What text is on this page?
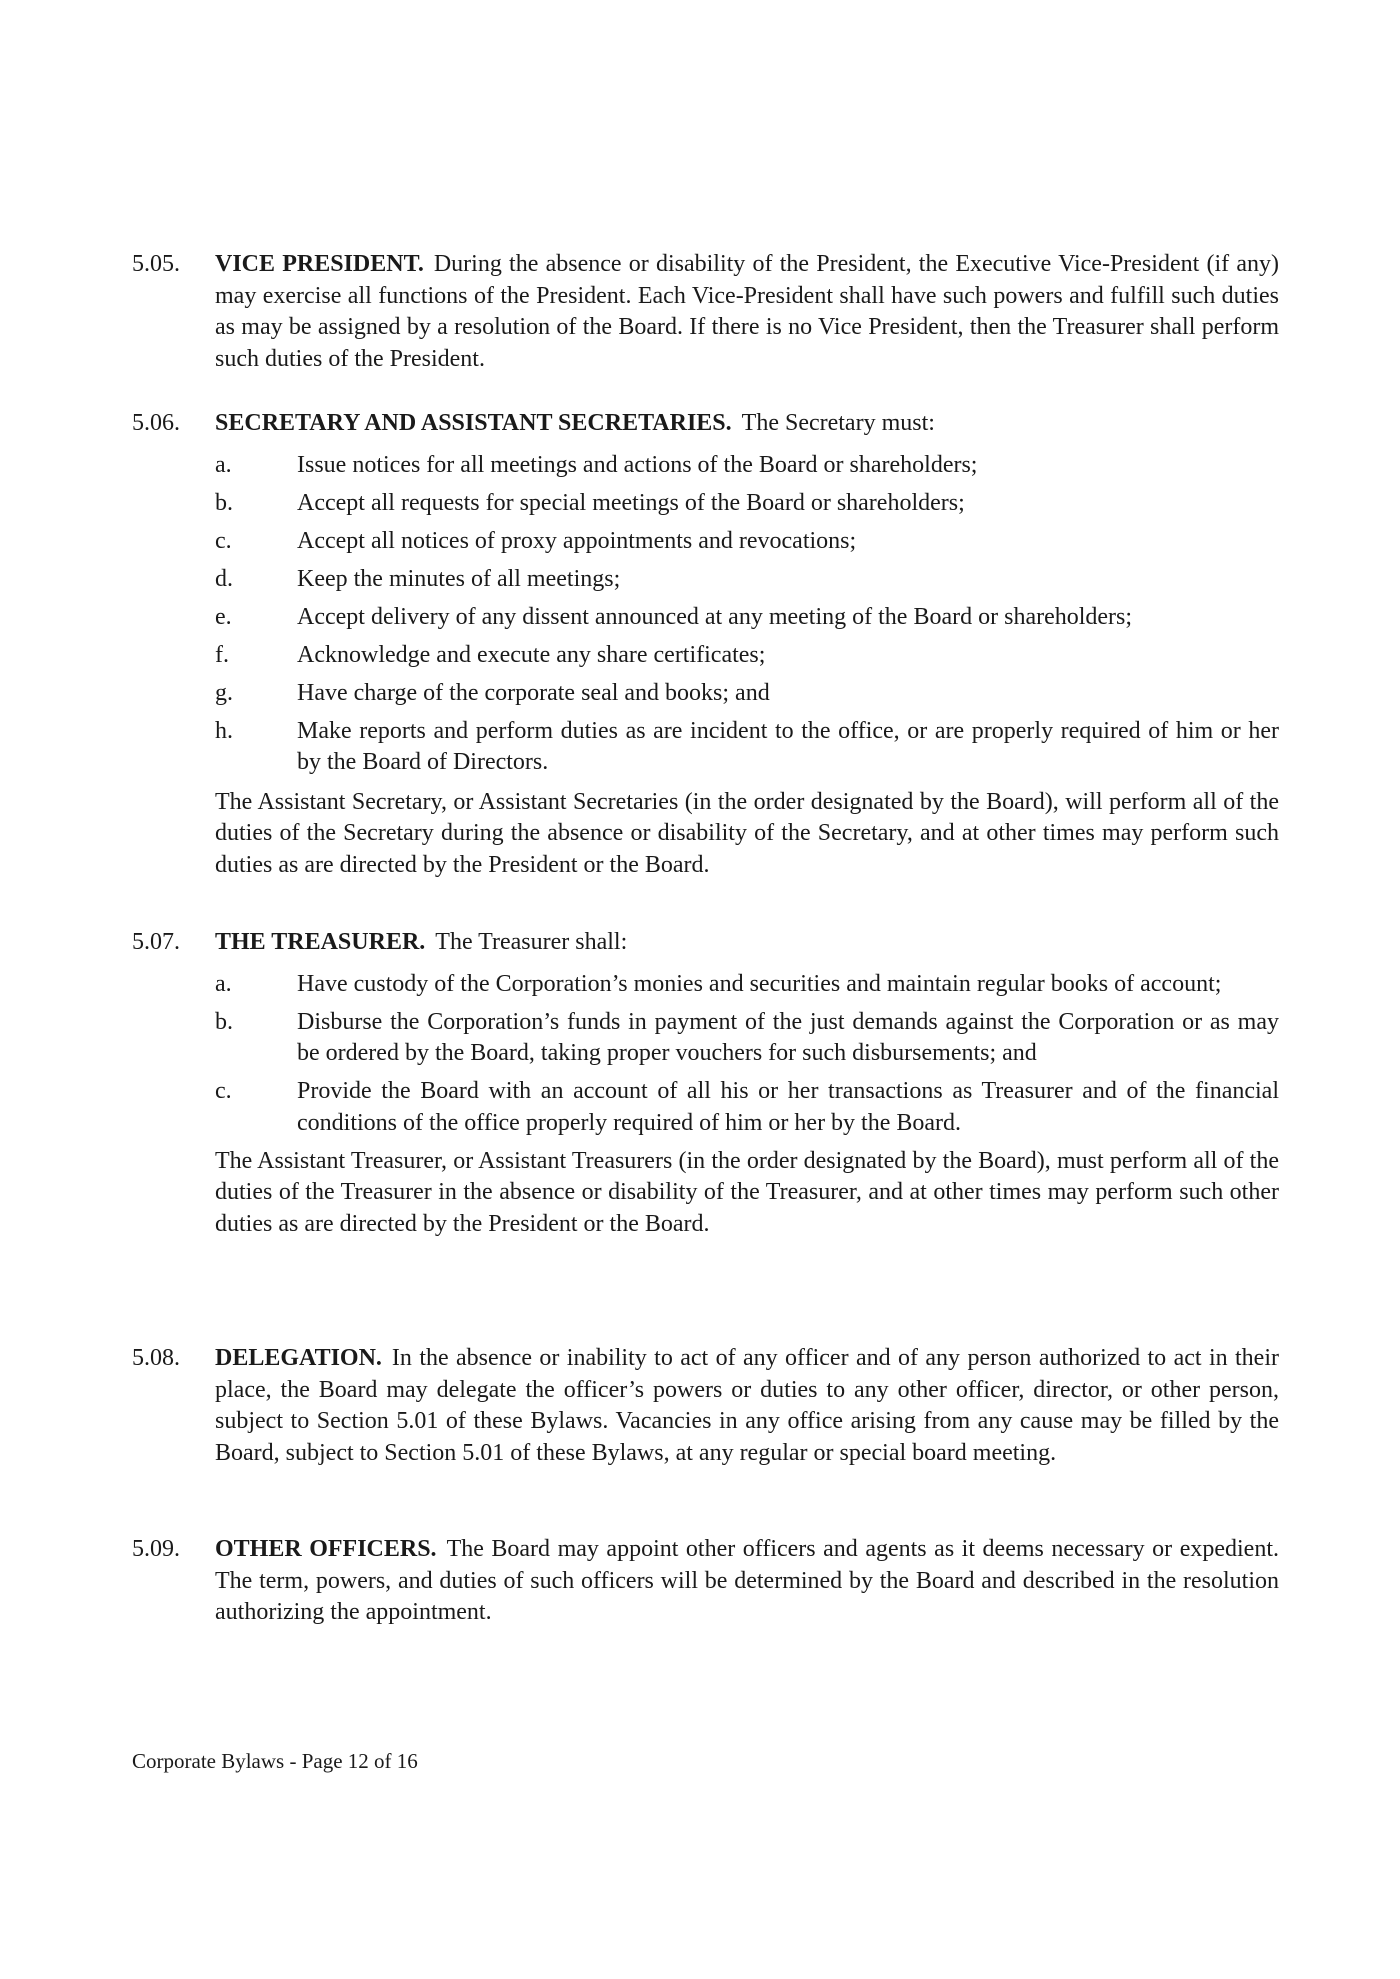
5.05.	VICE PRESIDENT. During the absence or disability of the President, the Executive Vice-President (if any) may exercise all functions of the President. Each Vice-President shall have such powers and fulfill such duties as may be assigned by a resolution of the Board. If there is no Vice President, then the Treasurer shall perform such duties of the President.
5.06.	SECRETARY AND ASSISTANT SECRETARIES. The Secretary must:
a.	Issue notices for all meetings and actions of the Board or shareholders;
b.	Accept all requests for special meetings of the Board or shareholders;
c.	Accept all notices of proxy appointments and revocations;
d.	Keep the minutes of all meetings;
e.	Accept delivery of any dissent announced at any meeting of the Board or shareholders;
f.	Acknowledge and execute any share certificates;
g.	Have charge of the corporate seal and books; and
h.	Make reports and perform duties as are incident to the office, or are properly required of him or her by the Board of Directors.
The Assistant Secretary, or Assistant Secretaries (in the order designated by the Board), will perform all of the duties of the Secretary during the absence or disability of the Secretary, and at other times may perform such duties as are directed by the President or the Board.
5.07.	THE TREASURER. The Treasurer shall:
a.	Have custody of the Corporation’s monies and securities and maintain regular books of account;
b.	Disburse the Corporation’s funds in payment of the just demands against the Corporation or as may be ordered by the Board, taking proper vouchers for such disbursements; and
c.	Provide the Board with an account of all his or her transactions as Treasurer and of the financial conditions of the office properly required of him or her by the Board.
The Assistant Treasurer, or Assistant Treasurers (in the order designated by the Board), must perform all of the duties of the Treasurer in the absence or disability of the Treasurer, and at other times may perform such other duties as are directed by the President or the Board.
5.08.	DELEGATION. In the absence or inability to act of any officer and of any person authorized to act in their place, the Board may delegate the officer’s powers or duties to any other officer, director, or other person, subject to Section 5.01 of these Bylaws. Vacancies in any office arising from any cause may be filled by the Board, subject to Section 5.01 of these Bylaws, at any regular or special board meeting.
5.09.	OTHER OFFICERS. The Board may appoint other officers and agents as it deems necessary or expedient. The term, powers, and duties of such officers will be determined by the Board and described in the resolution authorizing the appointment.
Corporate Bylaws - Page 12 of 16
